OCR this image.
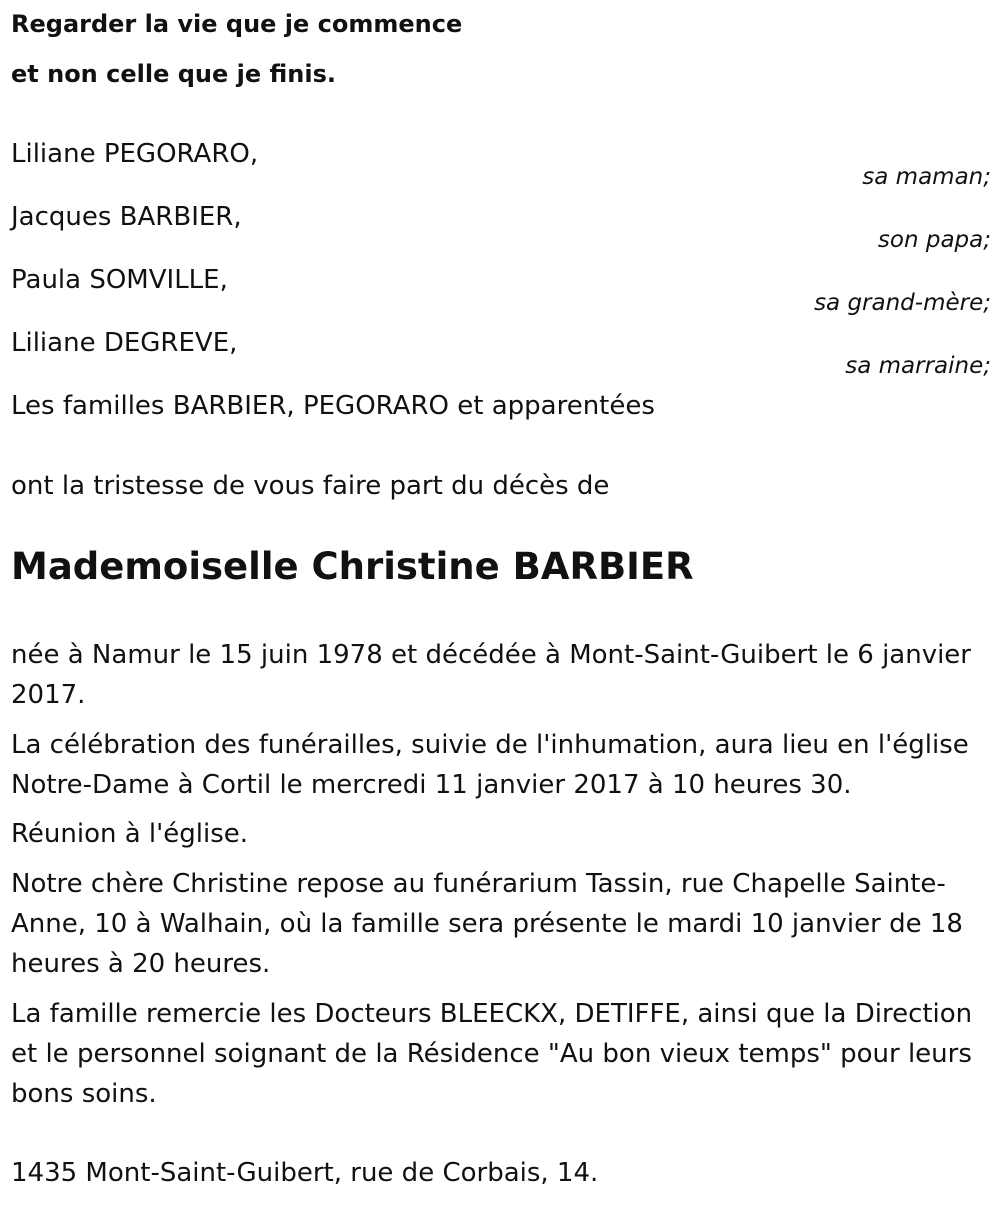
Regarder la vie que je commence
et non celle que je finis.
Liliane PEGORARO,
sa maman;
Jacques BARBIER,
son papa;
Paula SOMVILLE,
sa grand-mère;
Liliane DEGREVE,
sa marraine;
Les familles BARBIER, PEGORARO et apparentées
ont la tristesse de vous faire part du décès de
Mademoiselle Christine BARBIER
née à Namur le 15 juin 1978 et décédée à Mont-Saint-Guibert le 6 janvier 2017.
La célébration des funérailles, suivie de l'inhumation, aura lieu en l'église Notre-Dame à Cortil le mercredi 11 janvier 2017 à 10 heures 30.
Réunion à l'église.
Notre chère Christine repose au funérarium Tassin, rue Chapelle Sainte-Anne, 10 à Walhain, où la famille sera présente le mardi 10 janvier de 18 heures à 20 heures.
La famille remercie les Docteurs BLEECKX, DETIFFE, ainsi que la Direction et le personnel soignant de la Résidence "Au bon vieux temps" pour leurs bons soins.
1435 Mont-Saint-Guibert, rue de Corbais, 14.
